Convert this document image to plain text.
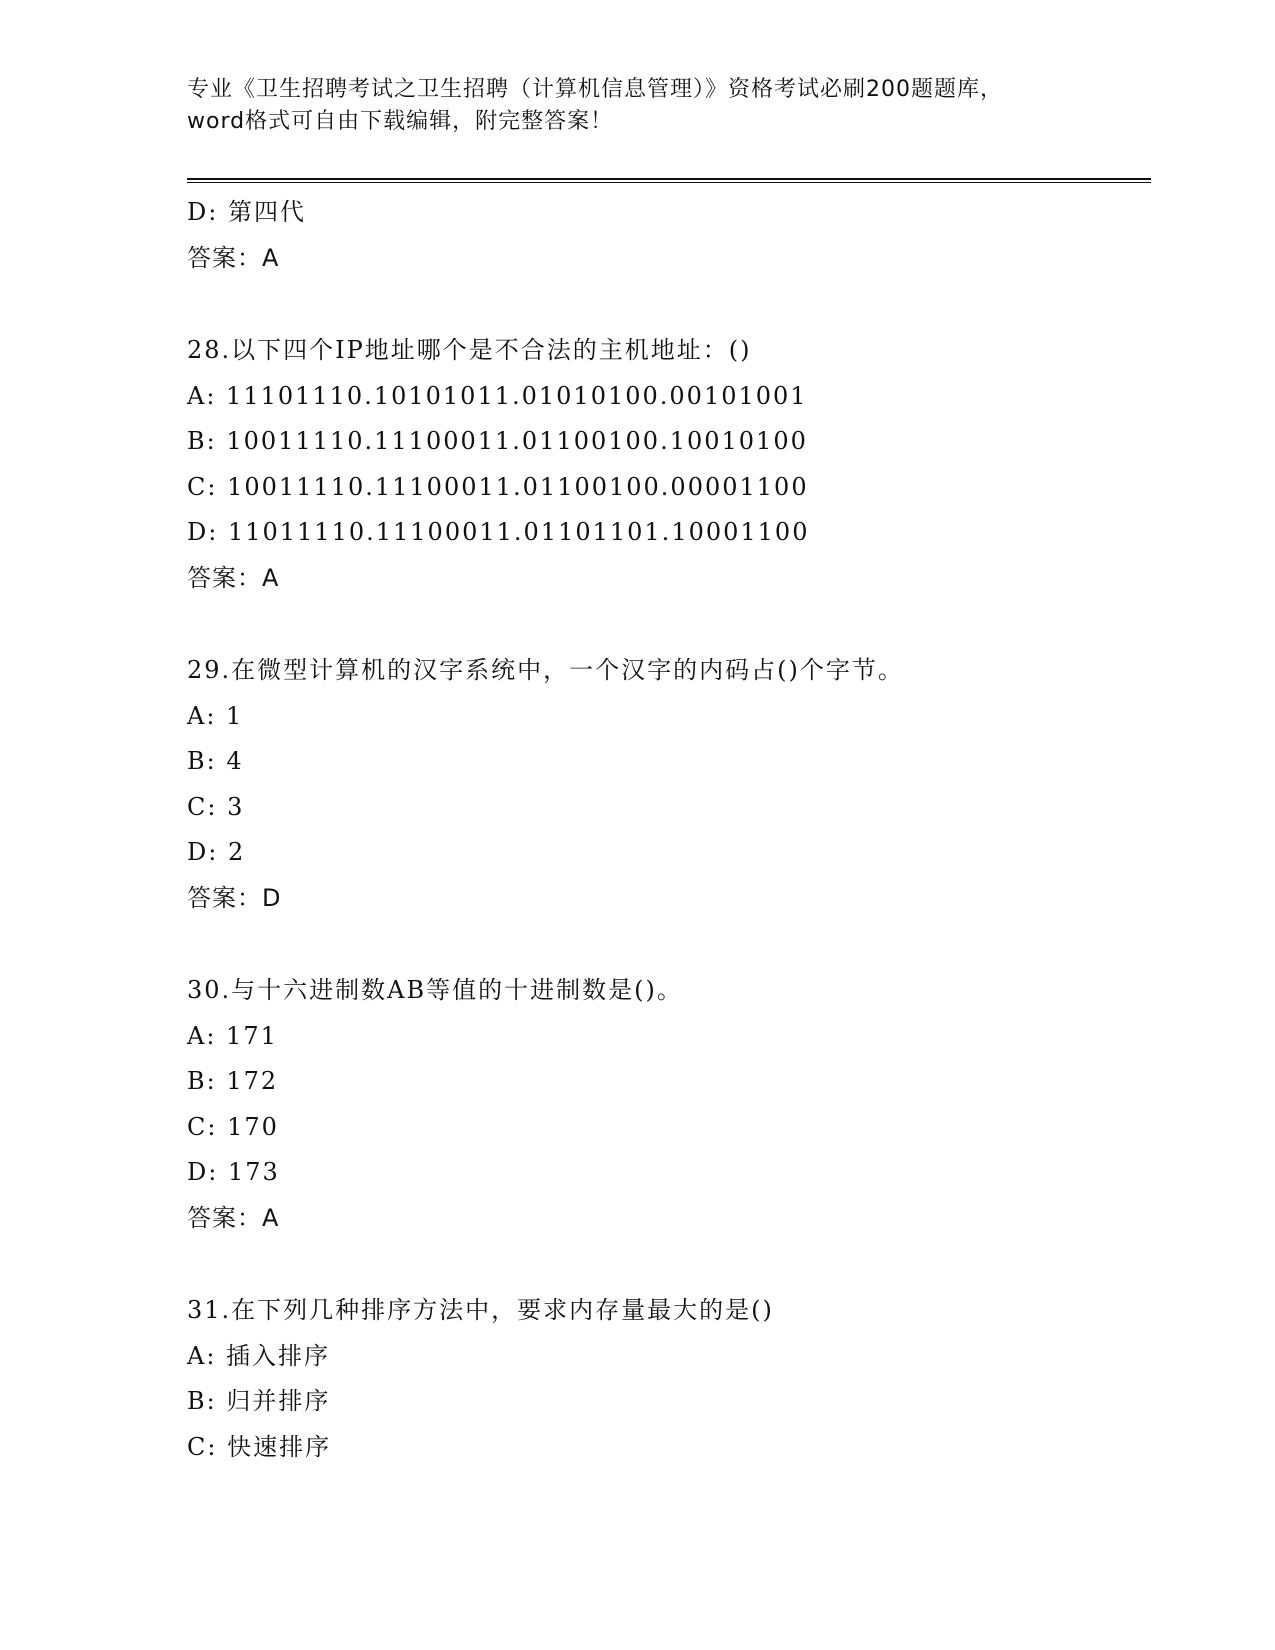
专业《卫生招聘考试之卫生招聘（计算机信息管理）》资格考试必刷200题题库，
word格式可自由下载编辑，附完整答案！
D: 第四代
答案：A
28.以下四个IP地址哪个是不合法的主机地址：()
A: 11101110.10101011.01010100.00101001
B: 10011110.11100011.01100100.10010100
C: 10011110.11100011.01100100.00001100
D: 11011110.11100011.01101101.10001100
答案：A
29.在微型计算机的汉字系统中，一个汉字的内码占()个字节。
A: 1
B: 4
C: 3
D: 2
答案：D
30.与十六进制数AB等值的十进制数是()。
A: 171
B: 172
C: 170
D: 173
答案：A
31.在下列几种排序方法中，要求内存量最大的是()
A: 插入排序
B: 归并排序
C: 快速排序
